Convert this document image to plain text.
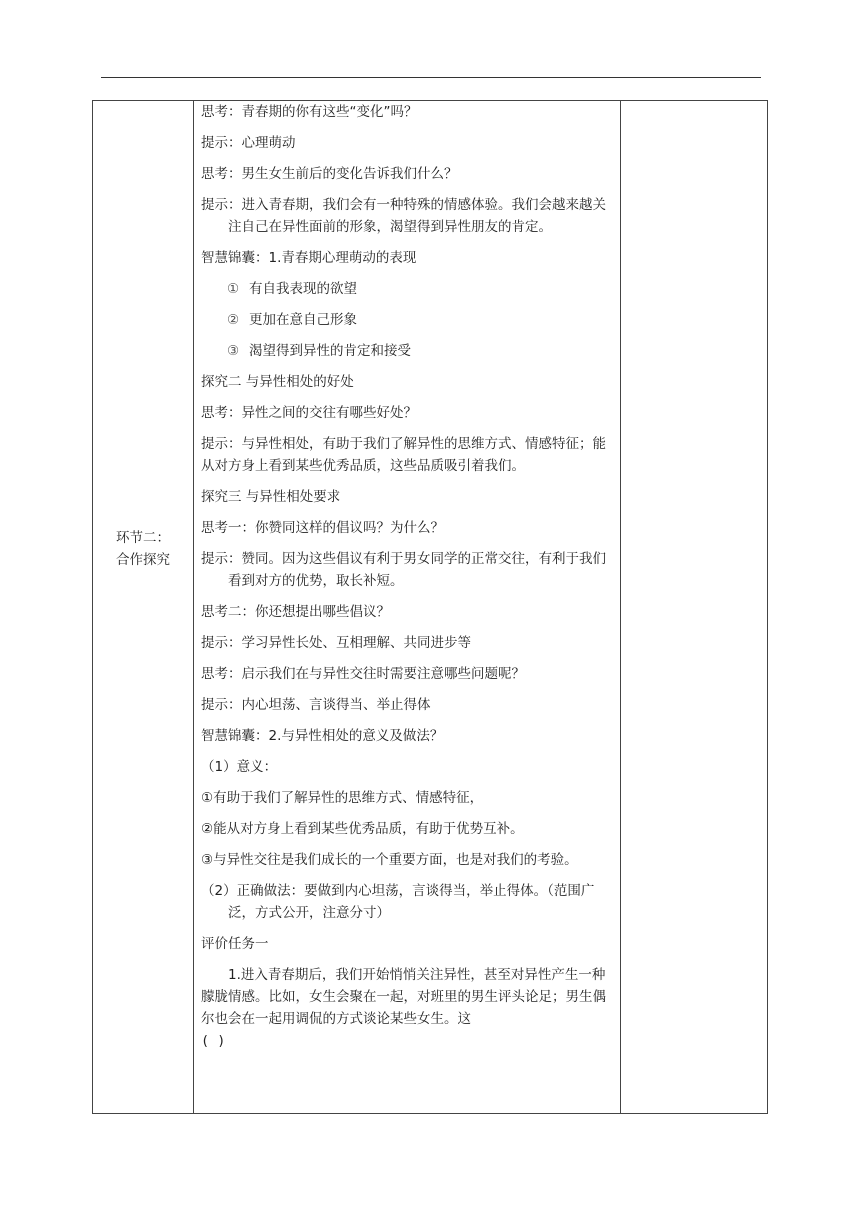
环节二：
合作探究

思考：青春期的你有这些“变化”吗？

提示：心理萌动

思考：男生女生前后的变化告诉我们什么？

提示：进入青春期，我们会有一种特殊的情感体验。我们会越来越关注自己在异性面前的形象，渴望得到异性朋友的肯定。

智慧锦囊：1.青春期心理萌动的表现

① 有自我表现的欲望

② 更加在意自己形象

③ 渴望得到异性的肯定和接受

探究二 与异性相处的好处

思考：异性之间的交往有哪些好处？

提示：与异性相处，有助于我们了解异性的思维方式、情感特征；能从对方身上看到某些优秀品质，这些品质吸引着我们。

探究三 与异性相处要求

思考一：你赞同这样的倡议吗？为什么？

提示：赞同。因为这些倡议有利于男女同学的正常交往，有利于我们看到对方的优势，取长补短。

思考二：你还想提出哪些倡议？

提示：学习异性长处、互相理解、共同进步等

思考：启示我们在与异性交往时需要注意哪些问题呢？

提示：内心坦荡、言谈得当、举止得体

智慧锦囊：2.与异性相处的意义及做法？

（1）意义：

①有助于我们了解异性的思维方式、情感特征，

②能从对方身上看到某些优秀品质，有助于优势互补。

③与异性交往是我们成长的一个重要方面，也是对我们的考验。

（2）正确做法：要做到内心坦荡，言谈得当，举止得体。（范围广泛，方式公开，注意分寸）

评价任务一

1.进入青春期后，我们开始悄悄关注异性，甚至对异性产生一种朦胧情感。比如，女生会聚在一起，对班里的男生评头论足；男生偶尔也会在一起用调侃的方式谈论某些女生。这

( )
